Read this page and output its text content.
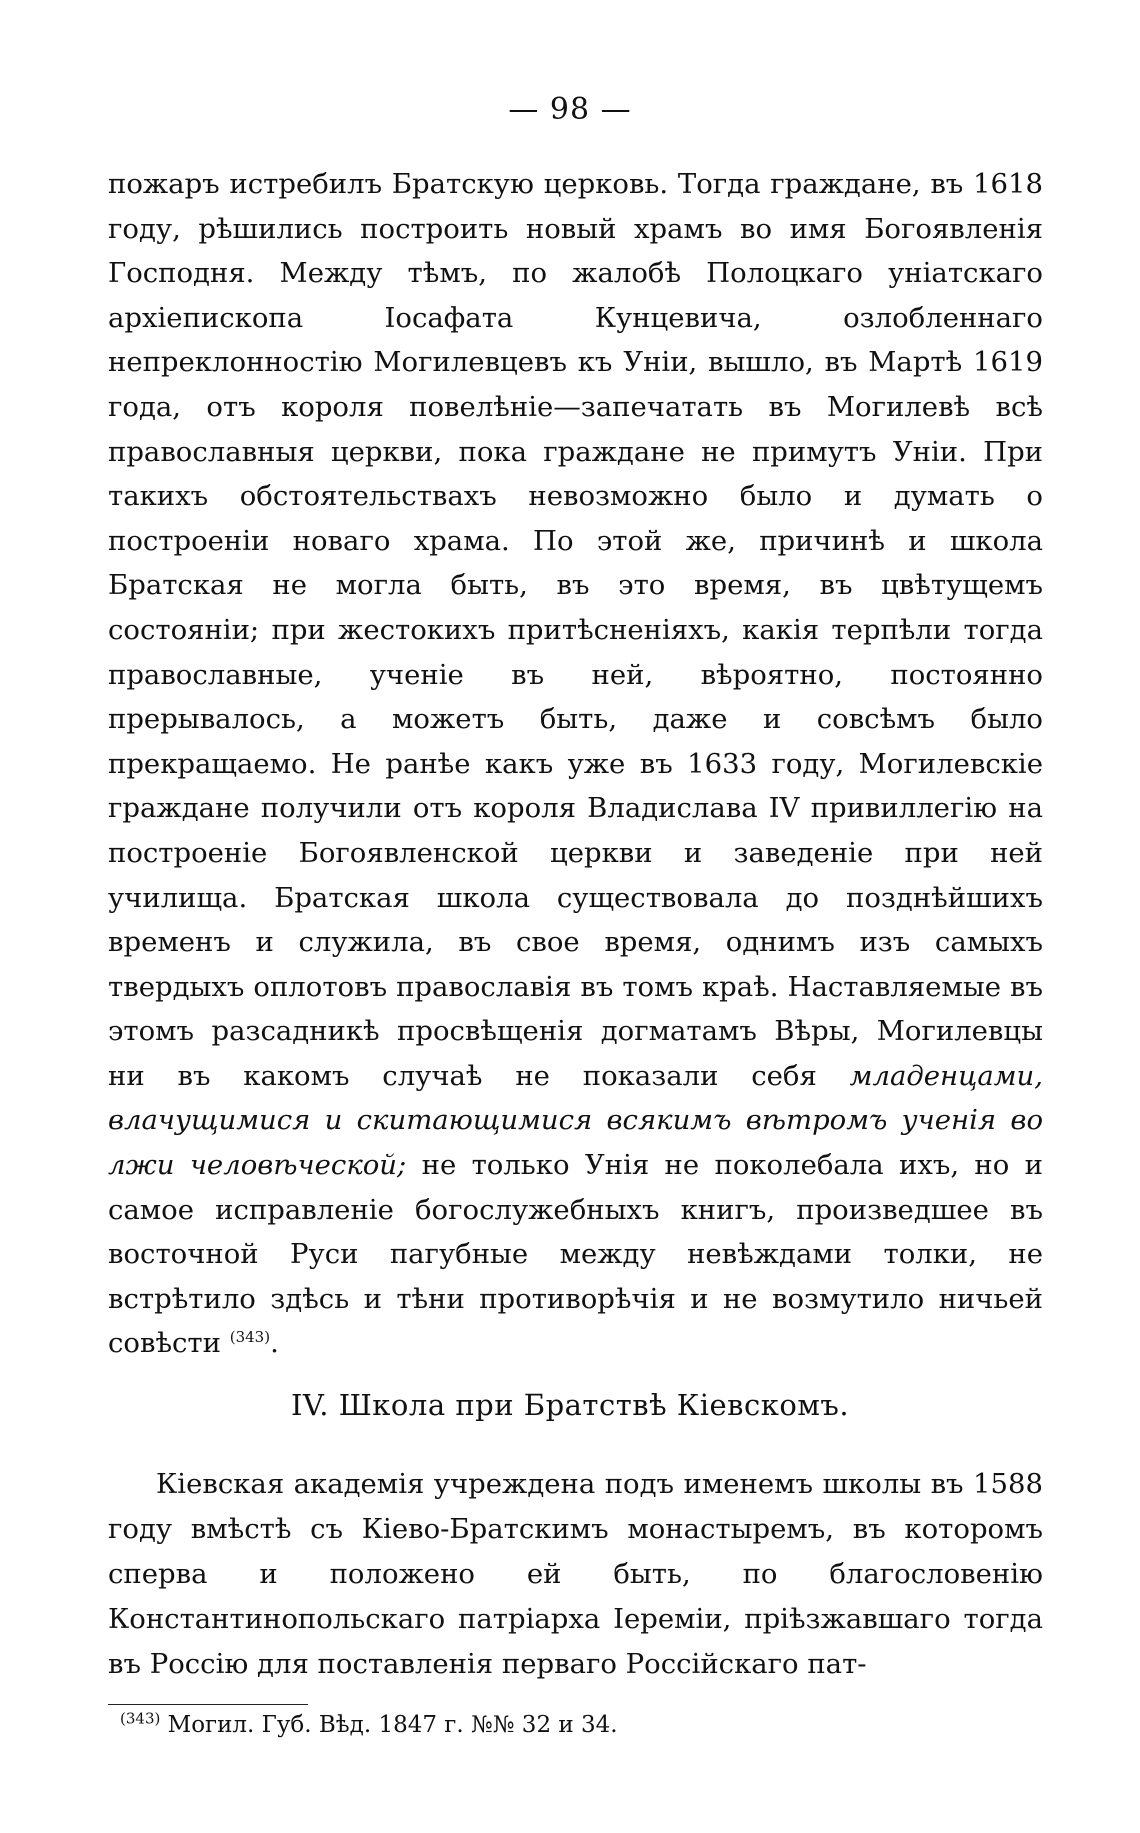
— 98 —
пожаръ истребилъ Братскую церковь. Тогда граждане, въ 1618 году, рѣшились построить новый храмъ во имя Богоявленія Господня. Между тѣмъ, по жалобѣ Полоцкаго уніатскаго архіепископа Іосафата Кунцевича, озлобленнаго непреклонностію Могилевцевъ къ Уніи, вышло, въ Мартѣ 1619 года, отъ короля повелѣніе—запечатать въ Могилевѣ всѣ православныя церкви, пока граждане не примутъ Уніи. При такихъ обстоятельствахъ невозможно было и думать о построеніи новаго храма. По этой же, причинѣ и школа Братская не могла быть, въ это время, въ цвѣтущемъ состояніи; при жестокихъ притѣсненіяхъ, какія терпѣли тогда православные, ученіе въ ней, вѣроятно, постоянно прерывалось, а можетъ быть, даже и совсѣмъ было прекращаемо. Не ранѣе какъ уже въ 1633 году, Могилевскіе граждане получили отъ короля Владислава IV привиллегію на построеніе Богоявленской церкви и заведеніе при ней училища. Братская школа существовала до позднѣйшихъ временъ и служила, въ свое время, однимъ изъ самыхъ твердыхъ оплотовъ православія въ томъ краѣ. Наставляемые въ этомъ разсадникѣ просвѣщенія догматамъ Вѣры, Могилевцы ни въ какомъ случаѣ не показали себя младенцами, влачущимися и скитающимися всякимъ вѣтромъ ученія во лжи человѣческой; не только Унія не поколебала ихъ, но и самое исправленіе богослужебныхъ книгъ, произведшее въ восточной Руси пагубные между невѣждами толки, не встрѣтило здѣсь и тѣни противорѣчія и не возмутило ничьей совѣсти $^{(343)}$.
IV. Школа при Братствѣ Кіевскомъ.
Кіевская академія учреждена подъ именемъ школы въ 1588 году вмѣстѣ съ Кіево-Братскимъ монастыремъ, въ которомъ сперва и положено ей быть, по благословенію Константинопольскаго патріарха Іереміи, пріѣзжавшаго тогда въ Россію для поставленія перваго Россійскаго пат-
$^{(343)}$ Могил. Губ. Вѣд. 1847 г. №№ 32 и 34.
